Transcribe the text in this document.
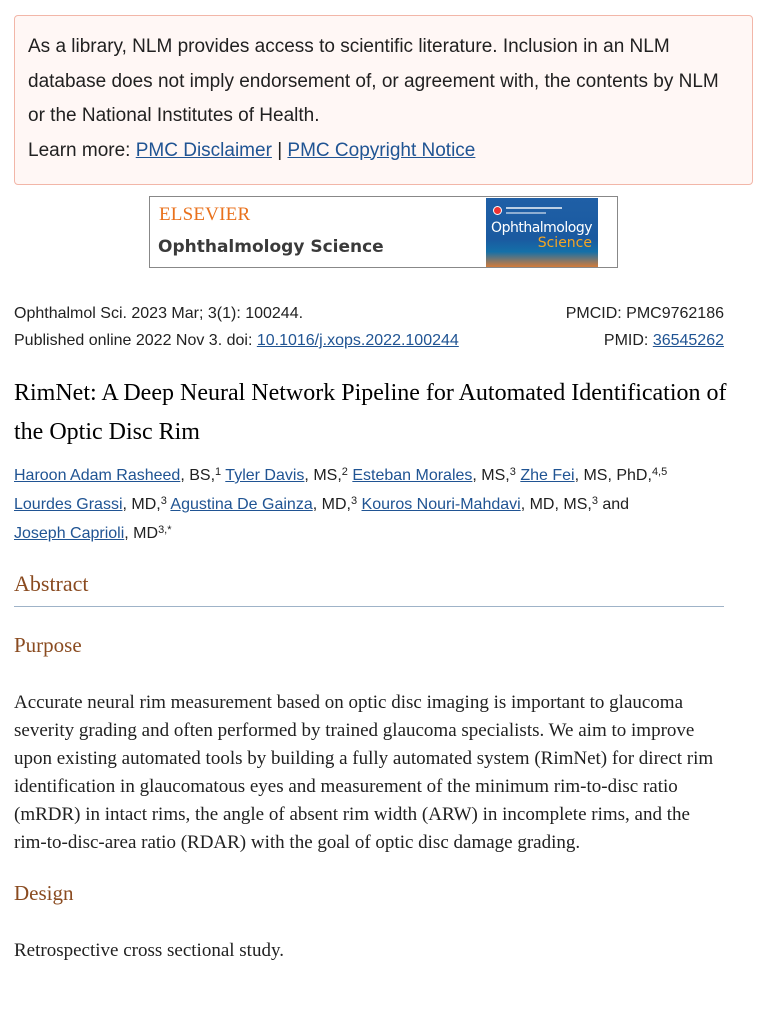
As a library, NLM provides access to scientific literature. Inclusion in an NLM database does not imply endorsement of, or agreement with, the contents by NLM or the National Institutes of Health.
Learn more: PMC Disclaimer | PMC Copyright Notice
ELSEVIER
Ophthalmology Science
Ophthalmology
Science
Ophthalmol Sci. 2023 Mar; 3(1): 100244.
Published online 2022 Nov 3. doi: 10.1016/j.xops.2022.100244
PMCID: PMC9762186
PMID: 36545262
RimNet: A Deep Neural Network Pipeline for Automated Identification of the Optic Disc Rim
Haroon Adam Rasheed, BS,$^1$ Tyler Davis, MS,$^2$ Esteban Morales, MS,$^3$ Zhe Fei, MS, PhD,$^{4,5}$
Lourdes Grassi, MD,$^3$ Agustina De Gainza, MD,$^3$ Kouros Nouri-Mahdavi, MD, MS,$^3$ and
Joseph Caprioli, $MD^{3,*}$
Abstract
Purpose
Accurate neural rim measurement based on optic disc imaging is important to glaucoma severity grading and often performed by trained glaucoma specialists. We aim to improve upon existing automated tools by building a fully automated system (RimNet) for direct rim identification in glaucomatous eyes and measurement of the minimum rim-to-disc ratio (mRDR) in intact rims, the angle of absent rim width (ARW) in incomplete rims, and the rim-to-disc-area ratio (RDAR) with the goal of optic disc damage grading.
Design
Retrospective cross sectional study.
